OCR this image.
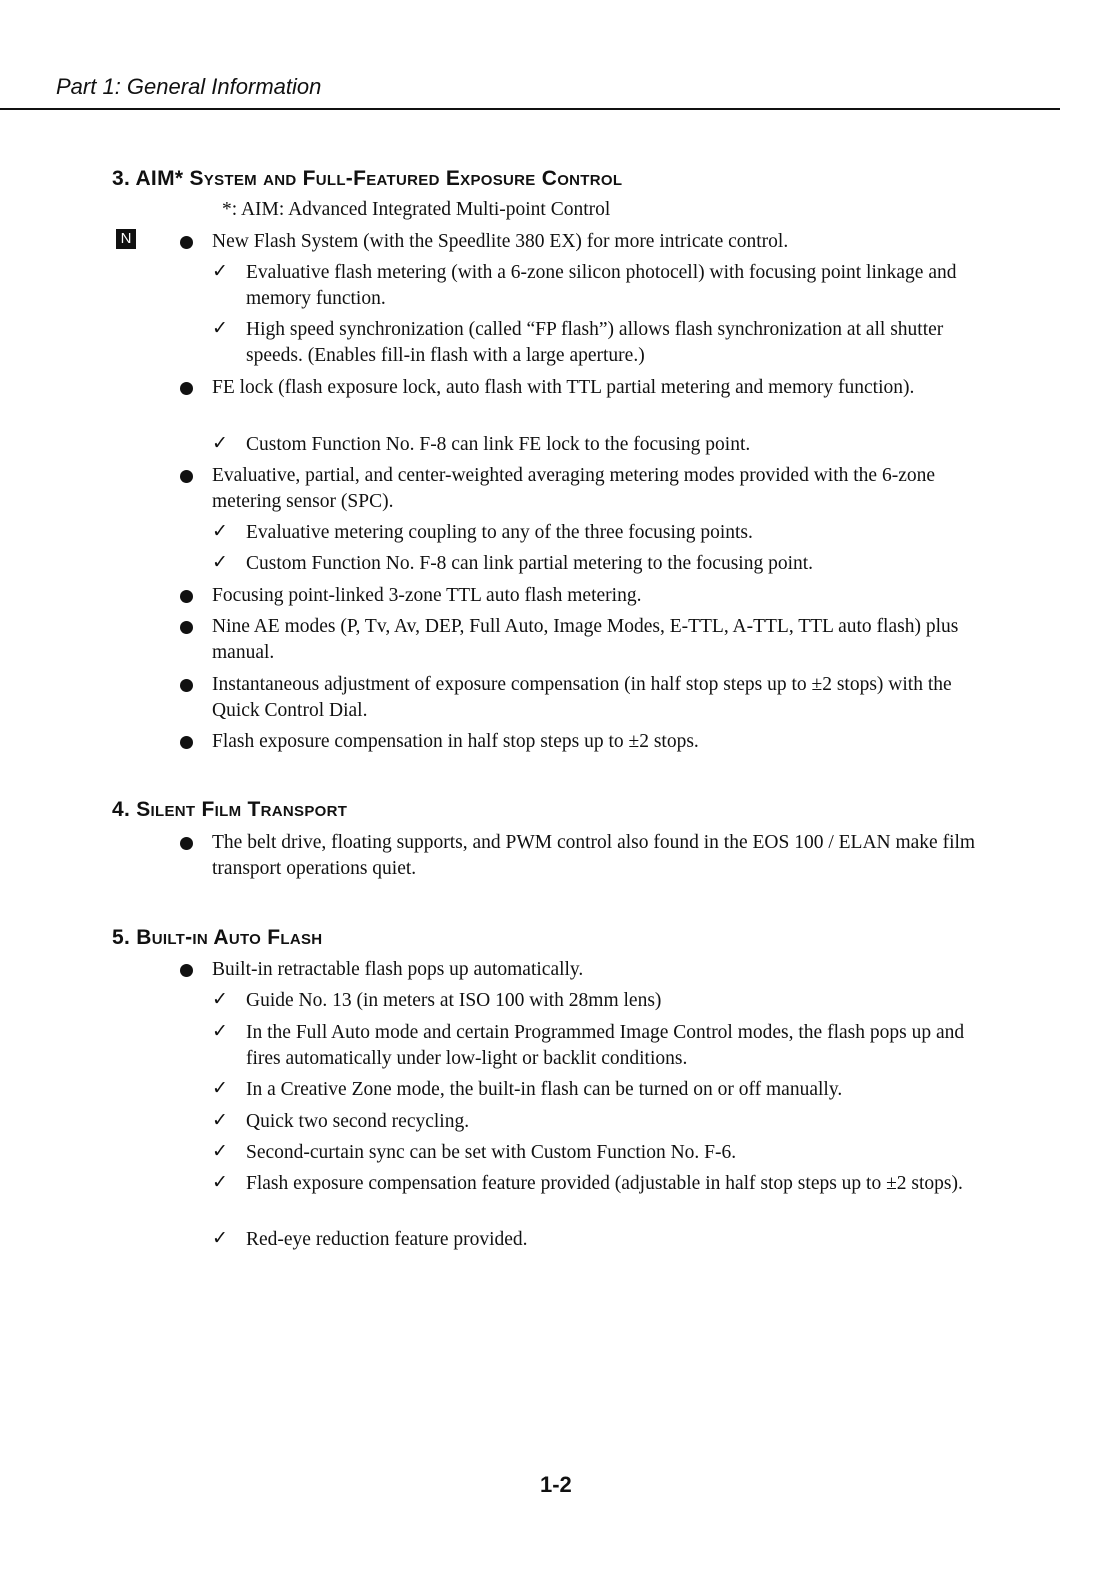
Part 1: General Information
3. AIM* System and Full-Featured Exposure Control
*: AIM: Advanced Integrated Multi-point Control
N
4. Silent Film Transport
5. Built-in Auto Flash
1-2
New Flash System (with the Speedlite 380 EX) for more intricate control.
✓ Evaluative flash metering (with a 6-zone silicon photocell) with focusing point linkage and memory function.
✓ High speed synchronization (called “FP flash”) allows flash synchronization at all shutter speeds. (Enables fill-in flash with a large aperture.)
FE lock (flash exposure lock, auto flash with TTL partial metering and memory function).
✓ Custom Function No. F-8 can link FE lock to the focusing point.
Evaluative, partial, and center-weighted averaging metering modes provided with the 6-zone metering sensor (SPC).
✓ Evaluative metering coupling to any of the three focusing points.
✓ Custom Function No. F-8 can link partial metering to the focusing point.
Focusing point-linked 3-zone TTL auto flash metering.
Nine AE modes (P, Tv, Av, DEP, Full Auto, Image Modes, E-TTL, A-TTL, TTL auto flash) plus manual.
Instantaneous adjustment of exposure compensation (in half stop steps up to ±2 stops) with the Quick Control Dial.
Flash exposure compensation in half stop steps up to ±2 stops.
The belt drive, floating supports, and PWM control also found in the EOS 100 / ELAN make film transport operations quiet.
Built-in retractable flash pops up automatically.
✓ Guide No. 13 (in meters at ISO 100 with 28mm lens)
✓ In the Full Auto mode and certain Programmed Image Control modes, the flash pops up and fires automatically under low-light or backlit conditions.
✓ In a Creative Zone mode, the built-in flash can be turned on or off manually.
✓ Quick two second recycling.
✓ Second-curtain sync can be set with Custom Function No. F-6.
✓ Flash exposure compensation feature provided (adjustable in half stop steps up to ±2 stops).
✓ Red-eye reduction feature provided.
